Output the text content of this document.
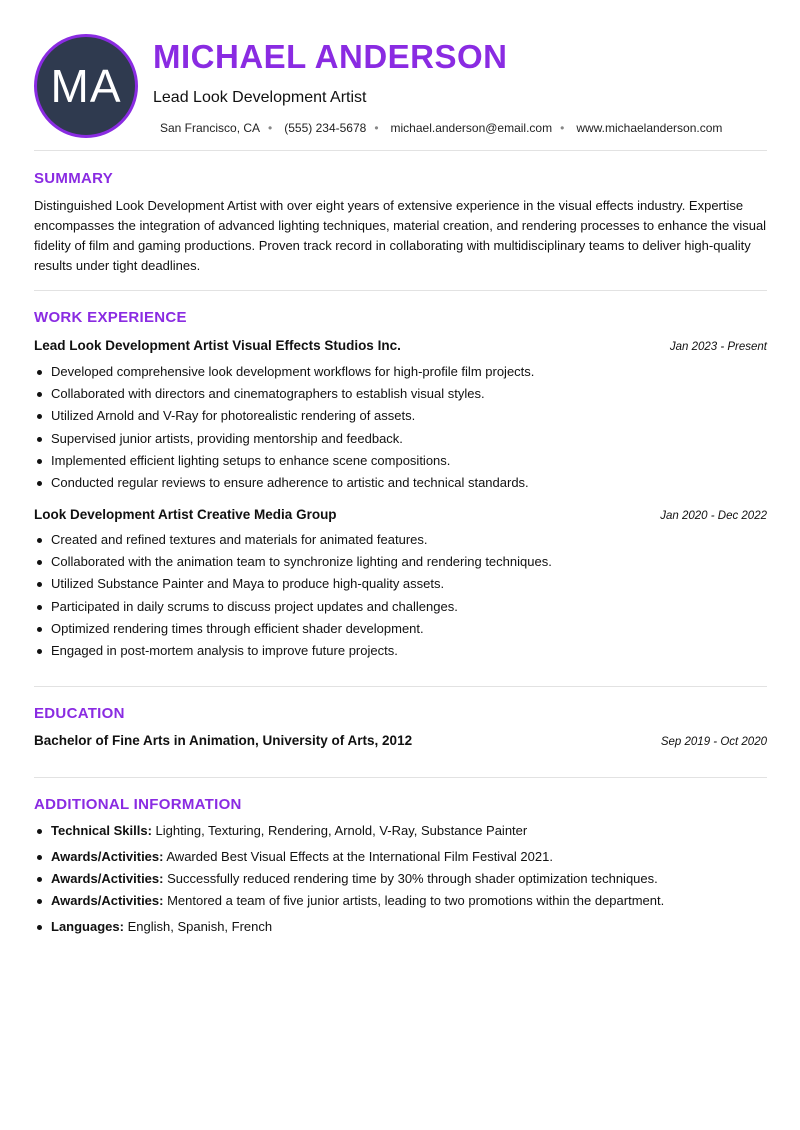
MA
MICHAEL ANDERSON
Lead Look Development Artist
San Francisco, CA • (555) 234-5678 • michael.anderson@email.com • www.michaelanderson.com
SUMMARY

Distinguished Look Development Artist with over eight years of extensive experience in the visual effects industry. Expertise encompasses the integration of advanced lighting techniques, material creation, and rendering processes to enhance the visual fidelity of film and gaming productions. Proven track record in collaborating with multidisciplinary teams to deliver high-quality results under tight deadlines.

WORK EXPERIENCE
Lead Look Development Artist Visual Effects Studios Inc.	Jan 2023 - Present
Developed comprehensive look development workflows for high-profile film projects.
Collaborated with directors and cinematographers to establish visual styles.
Utilized Arnold and V-Ray for photorealistic rendering of assets.
Supervised junior artists, providing mentorship and feedback.
Implemented efficient lighting setups to enhance scene compositions.
Conducted regular reviews to ensure adherence to artistic and technical standards.
Look Development Artist Creative Media Group	Jan 2020 - Dec 2022
Created and refined textures and materials for animated features.
Collaborated with the animation team to synchronize lighting and rendering techniques.
Utilized Substance Painter and Maya to produce high-quality assets.
Participated in daily scrums to discuss project updates and challenges.
Optimized rendering times through efficient shader development.
Engaged in post-mortem analysis to improve future projects.
EDUCATION
Bachelor of Fine Arts in Animation, University of Arts, 2012	Sep 2019 - Oct 2020
ADDITIONAL INFORMATION
Technical Skills: Lighting, Texturing, Rendering, Arnold, V-Ray, Substance Painter
Awards/Activities: Awarded Best Visual Effects at the International Film Festival 2021.
Awards/Activities: Successfully reduced rendering time by 30% through shader optimization techniques.
Awards/Activities: Mentored a team of five junior artists, leading to two promotions within the department.
Languages: English, Spanish, French
